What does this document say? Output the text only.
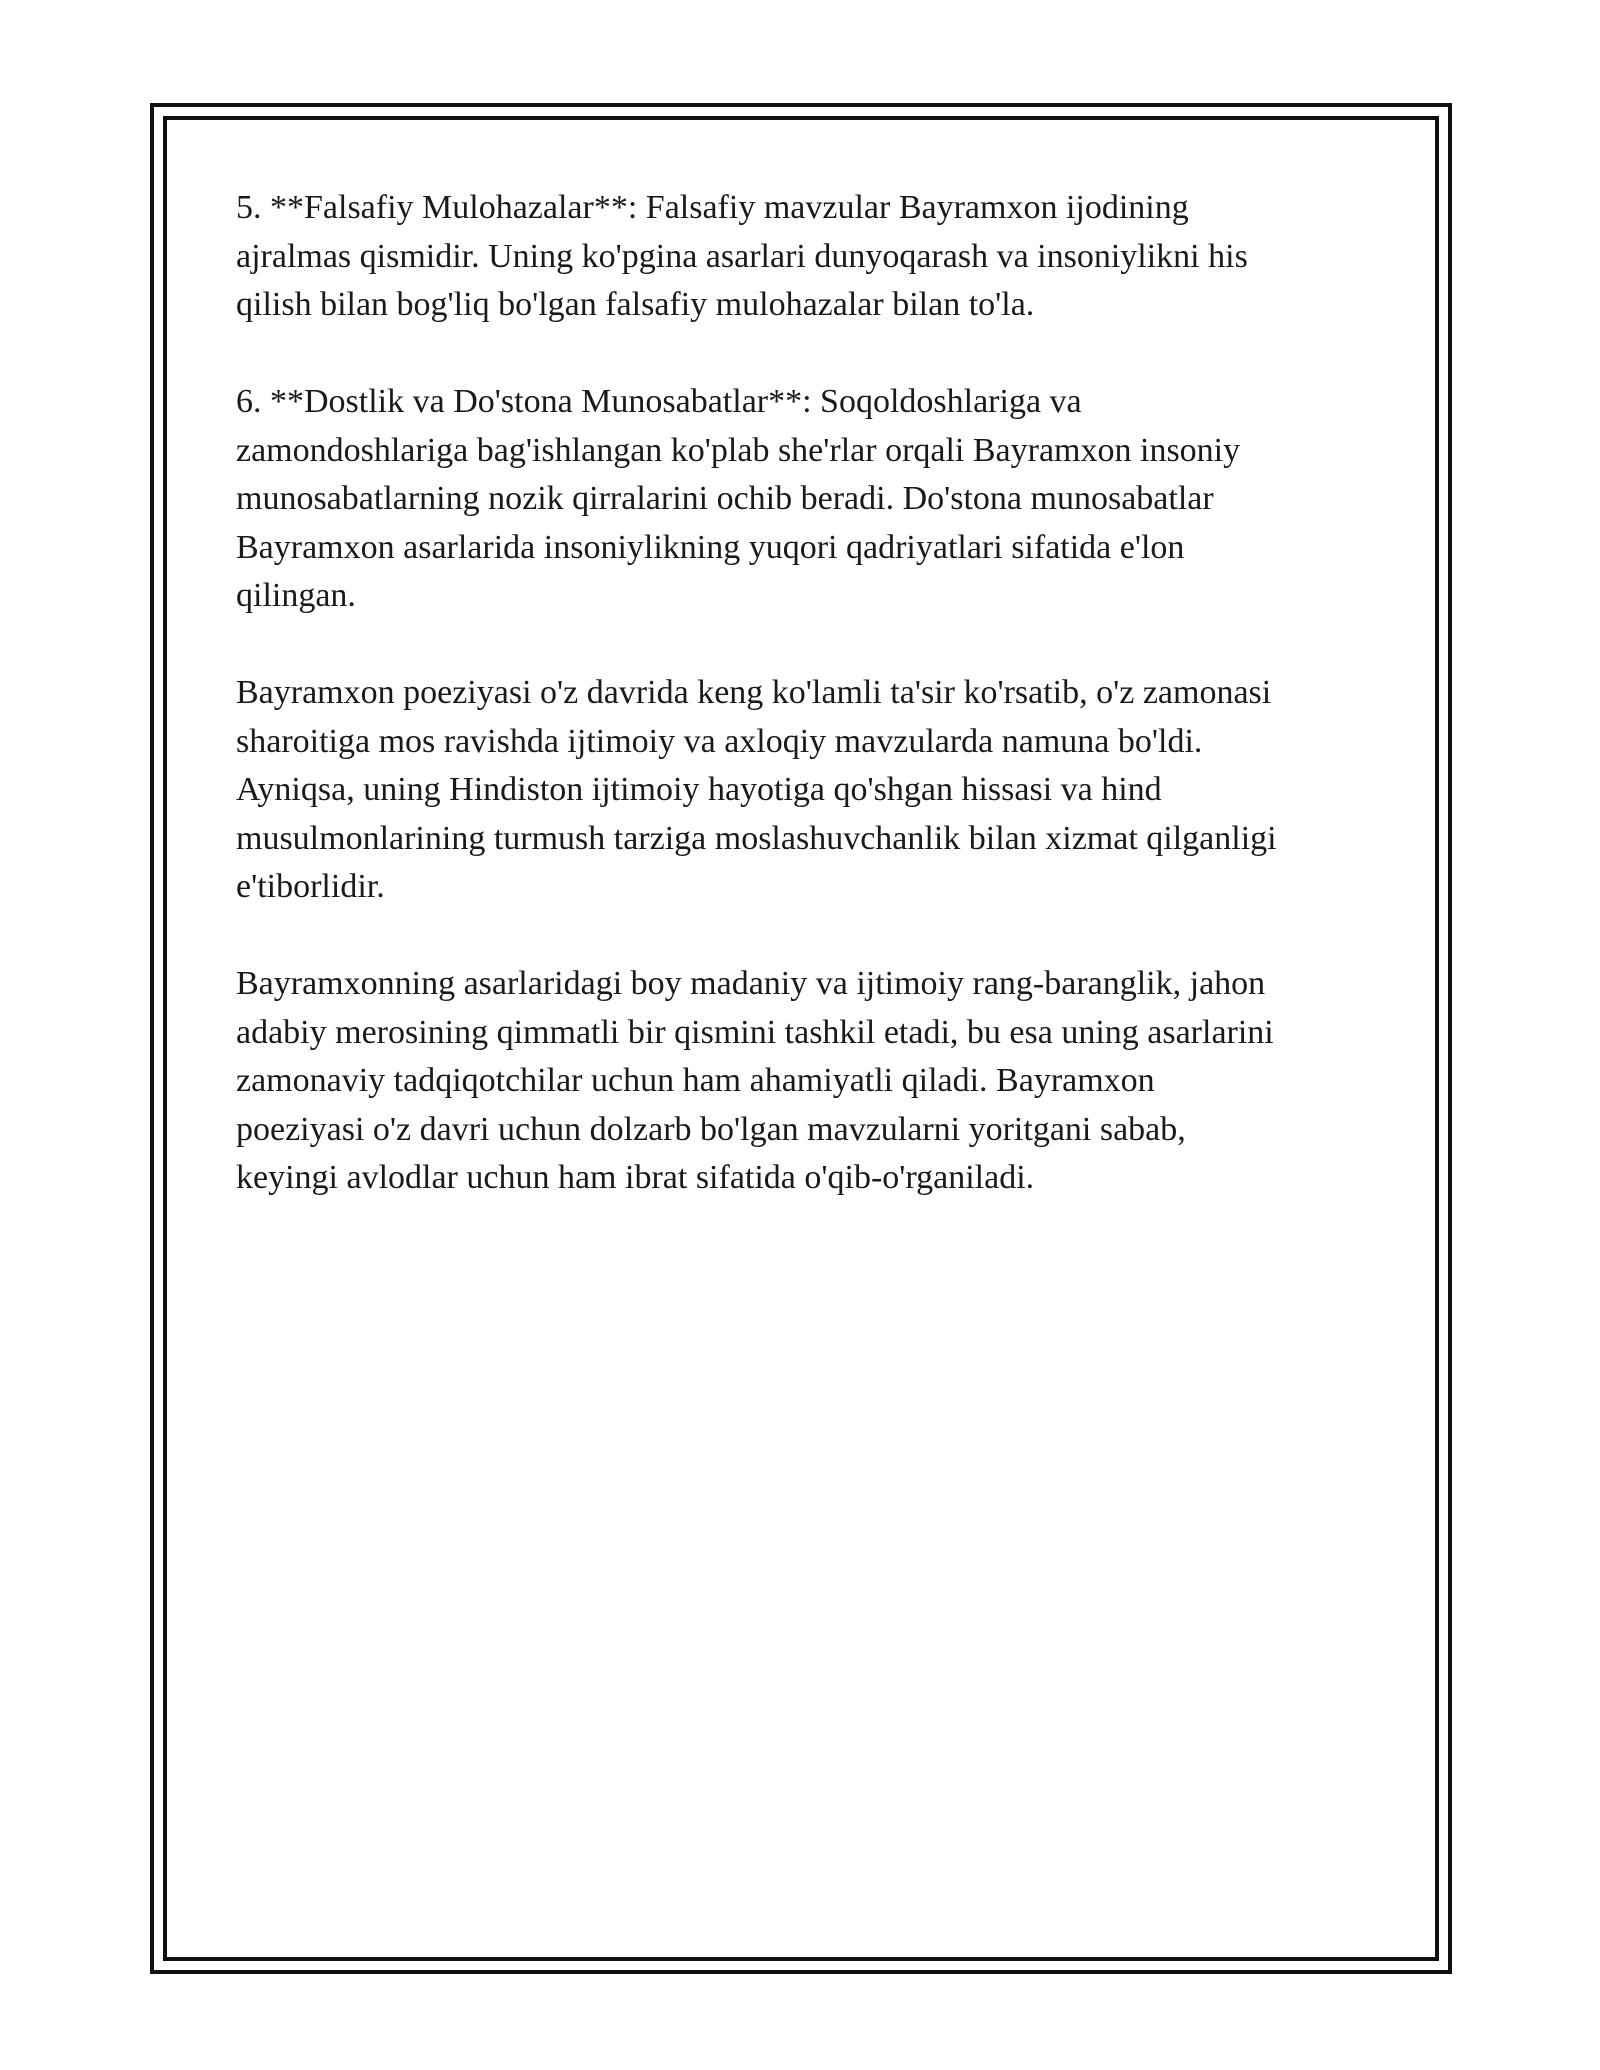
5. **Falsafiy Mulohazalar**: Falsafiy mavzular Bayramxon ijodining
ajralmas qismidir. Uning ko'pgina asarlari dunyoqarash va insoniylikni his
qilish bilan bog'liq bo'lgan falsafiy mulohazalar bilan to'la.

6. **Dostlik va Do'stona Munosabatlar**: Soqoldoshlariga va
zamondoshlariga bag'ishlangan ko'plab she'rlar orqali Bayramxon insoniy
munosabatlarning nozik qirralarini ochib beradi. Do'stona munosabatlar
Bayramxon asarlarida insoniylikning yuqori qadriyatlari sifatida e'lon
qilingan.

Bayramxon poeziyasi o'z davrida keng ko'lamli ta'sir ko'rsatib, o'z zamonasi
sharoitiga mos ravishda ijtimoiy va axloqiy mavzularda namuna bo'ldi.
Ayniqsa, uning Hindiston ijtimoiy hayotiga qo'shgan hissasi va hind
musulmonlarining turmush tarziga moslashuvchanlik bilan xizmat qilganligi
e'tiborlidir.

Bayramxonning asarlaridagi boy madaniy va ijtimoiy rang-baranglik, jahon
adabiy merosining qimmatli bir qismini tashkil etadi, bu esa uning asarlarini
zamonaviy tadqiqotchilar uchun ham ahamiyatli qiladi. Bayramxon
poeziyasi o'z davri uchun dolzarb bo'lgan mavzularni yoritgani sabab,
keyingi avlodlar uchun ham ibrat sifatida o'qib-o'rganiladi.
